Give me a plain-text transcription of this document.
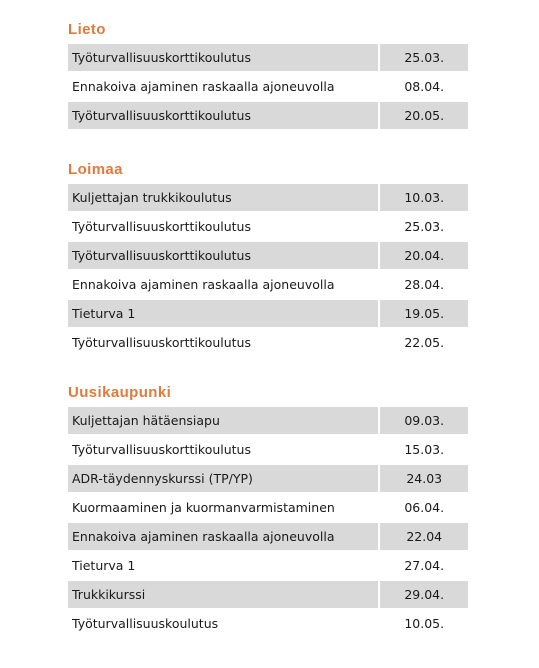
Lieto
Työturvallisuuskorttikoulutus	25.03.
Ennakoiva ajaminen raskaalla ajoneuvolla	08.04.
Työturvallisuuskorttikoulutus	20.05.
Loimaa
Kuljettajan trukkikoulutus	10.03.
Työturvallisuuskorttikoulutus	25.03.
Työturvallisuuskorttikoulutus	20.04.
Ennakoiva ajaminen raskaalla ajoneuvolla	28.04.
Tieturva 1	19.05.
Työturvallisuuskorttikoulutus	22.05.
Uusikaupunki
Kuljettajan hätäensiapu	09.03.
Työturvallisuuskorttikoulutus	15.03.
ADR-täydennyskurssi (TP/YP)	24.03
Kuormaaminen ja kuormanvarmistaminen	06.04.
Ennakoiva ajaminen raskaalla ajoneuvolla	22.04
Tieturva 1	27.04.
Trukkikurssi	29.04.
Työturvallisuuskoulutus	10.05.
